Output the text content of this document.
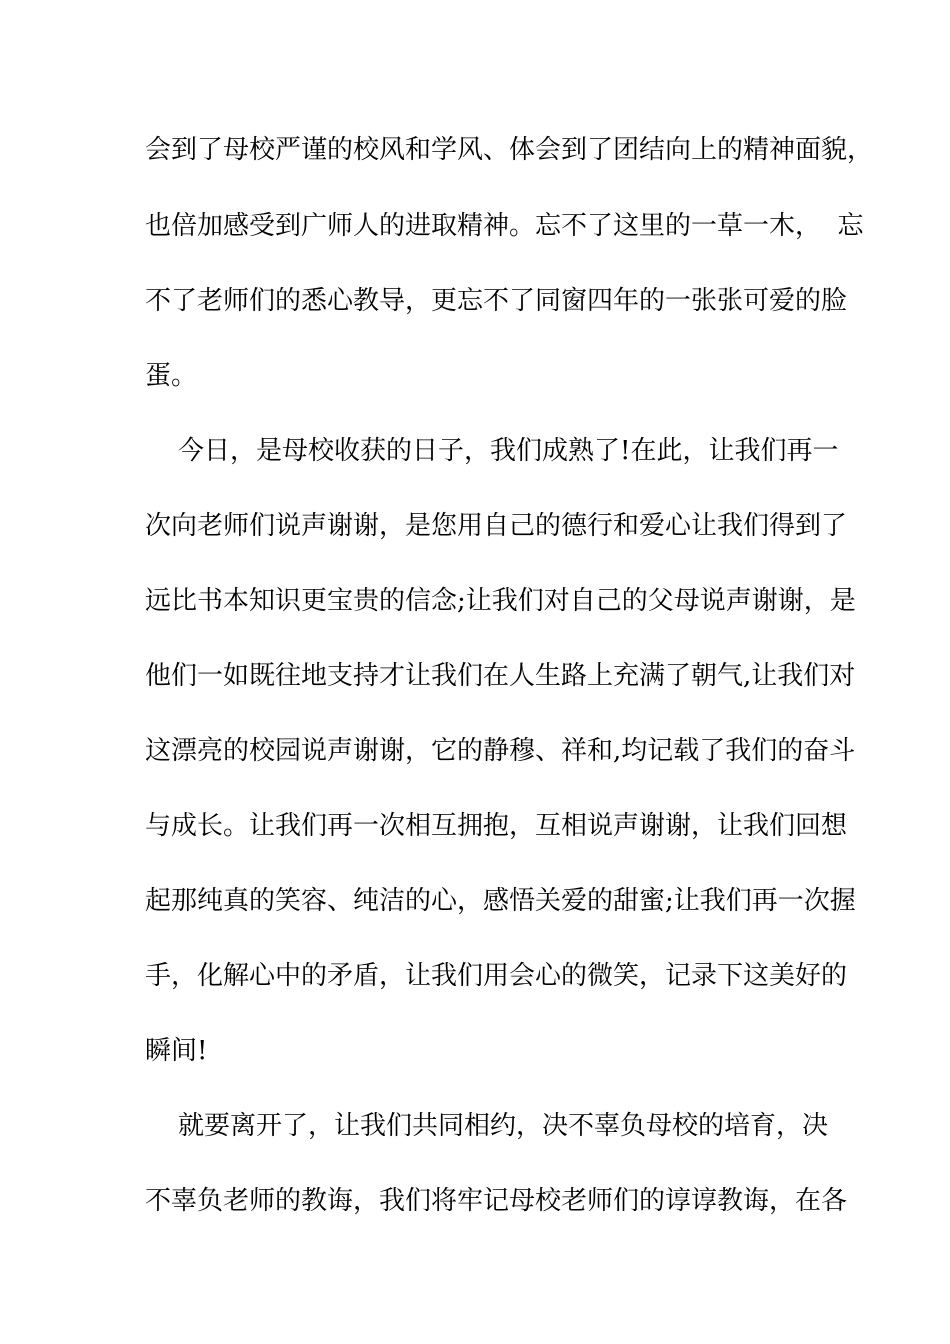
会到了母校严谨的校风和学风、体会到了团结向上的精神面貌，
也倍加感受到广师人的进取精神。忘不了这里的一草一木，  忘
不了老师们的悉心教导，更忘不了同窗四年的一张张可爱的脸
蛋。
今日，是母校收获的日子，我们成熟了!在此，让我们再一
次向老师们说声谢谢，是您用自己的德行和爱心让我们得到了
远比书本知识更宝贵的信念;让我们对自己的父母说声谢谢，是
他们一如既往地支持才让我们在人生路上充满了朝气,让我们对
这漂亮的校园说声谢谢，它的静穆、祥和,均记载了我们的奋斗
与成长。让我们再一次相互拥抱，互相说声谢谢，让我们回想
起那纯真的笑容、纯洁的心，感悟关爱的甜蜜;让我们再一次握
手，化解心中的矛盾，让我们用会心的微笑，记录下这美好的
瞬间!
就要离开了，让我们共同相约，决不辜负母校的培育，决
不辜负老师的教诲，我们将牢记母校老师们的谆谆教诲，在各
